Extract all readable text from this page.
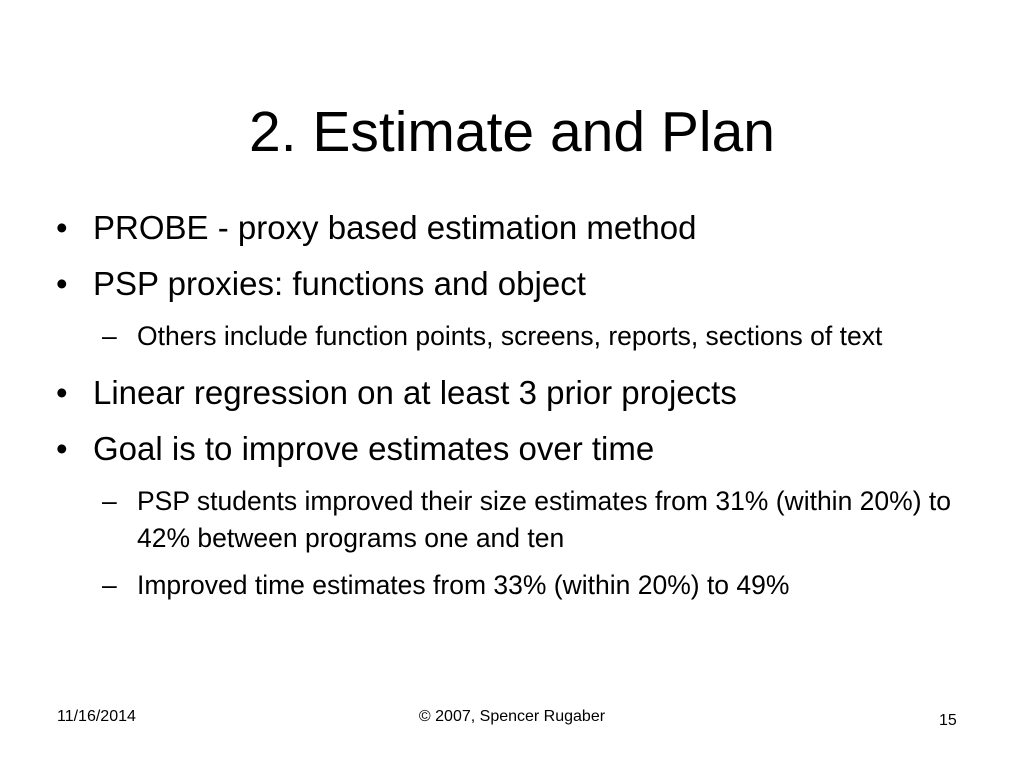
2. Estimate and Plan
• PROBE - proxy based estimation method
• PSP proxies: functions and object
– Others include function points, screens, reports, sections of text
• Linear regression on at least 3 prior projects
• Goal is to improve estimates over time
– PSP students improved their size estimates from 31% (within 20%) to 42% between programs one and ten
– Improved time estimates from 33% (within 20%) to 49%
11/16/2014	© 2007, Spencer Rugaber	15
